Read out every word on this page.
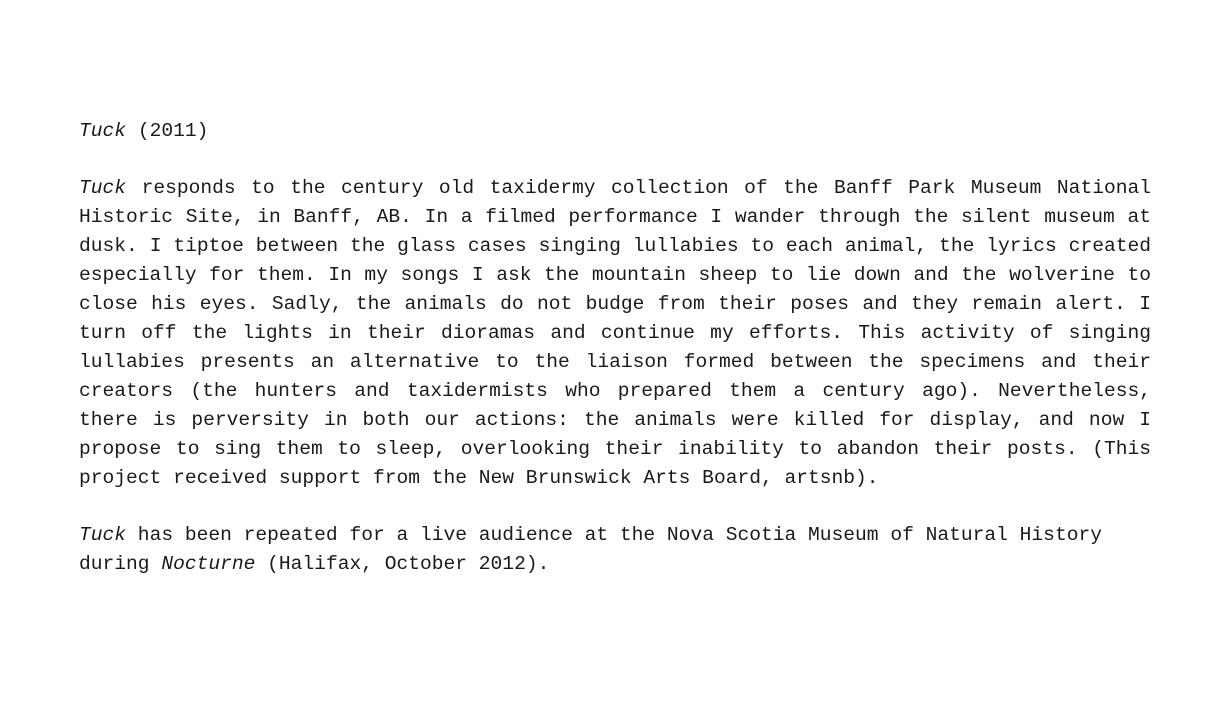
Tuck (2011)

Tuck responds to the century old taxidermy collection of the Banff Park Museum National Historic Site, in Banff, AB. In a filmed performance I wander through the silent museum at dusk. I tiptoe between the glass cases singing lullabies to each animal, the lyrics created especially for them. In my songs I ask the mountain sheep to lie down and the wolverine to close his eyes. Sadly, the animals do not budge from their poses and they remain alert. I turn off the lights in their dioramas and continue my efforts. This activity of singing lullabies presents an alternative to the liaison formed between the specimens and their creators (the hunters and taxidermists who prepared them a century ago). Nevertheless, there is perversity in both our actions: the animals were killed for display, and now I propose to sing them to sleep, overlooking their inability to abandon their posts. (This project received support from the New Brunswick Arts Board, artsnb).

Tuck has been repeated for a live audience at the Nova Scotia Museum of Natural History during Nocturne (Halifax, October 2012).
